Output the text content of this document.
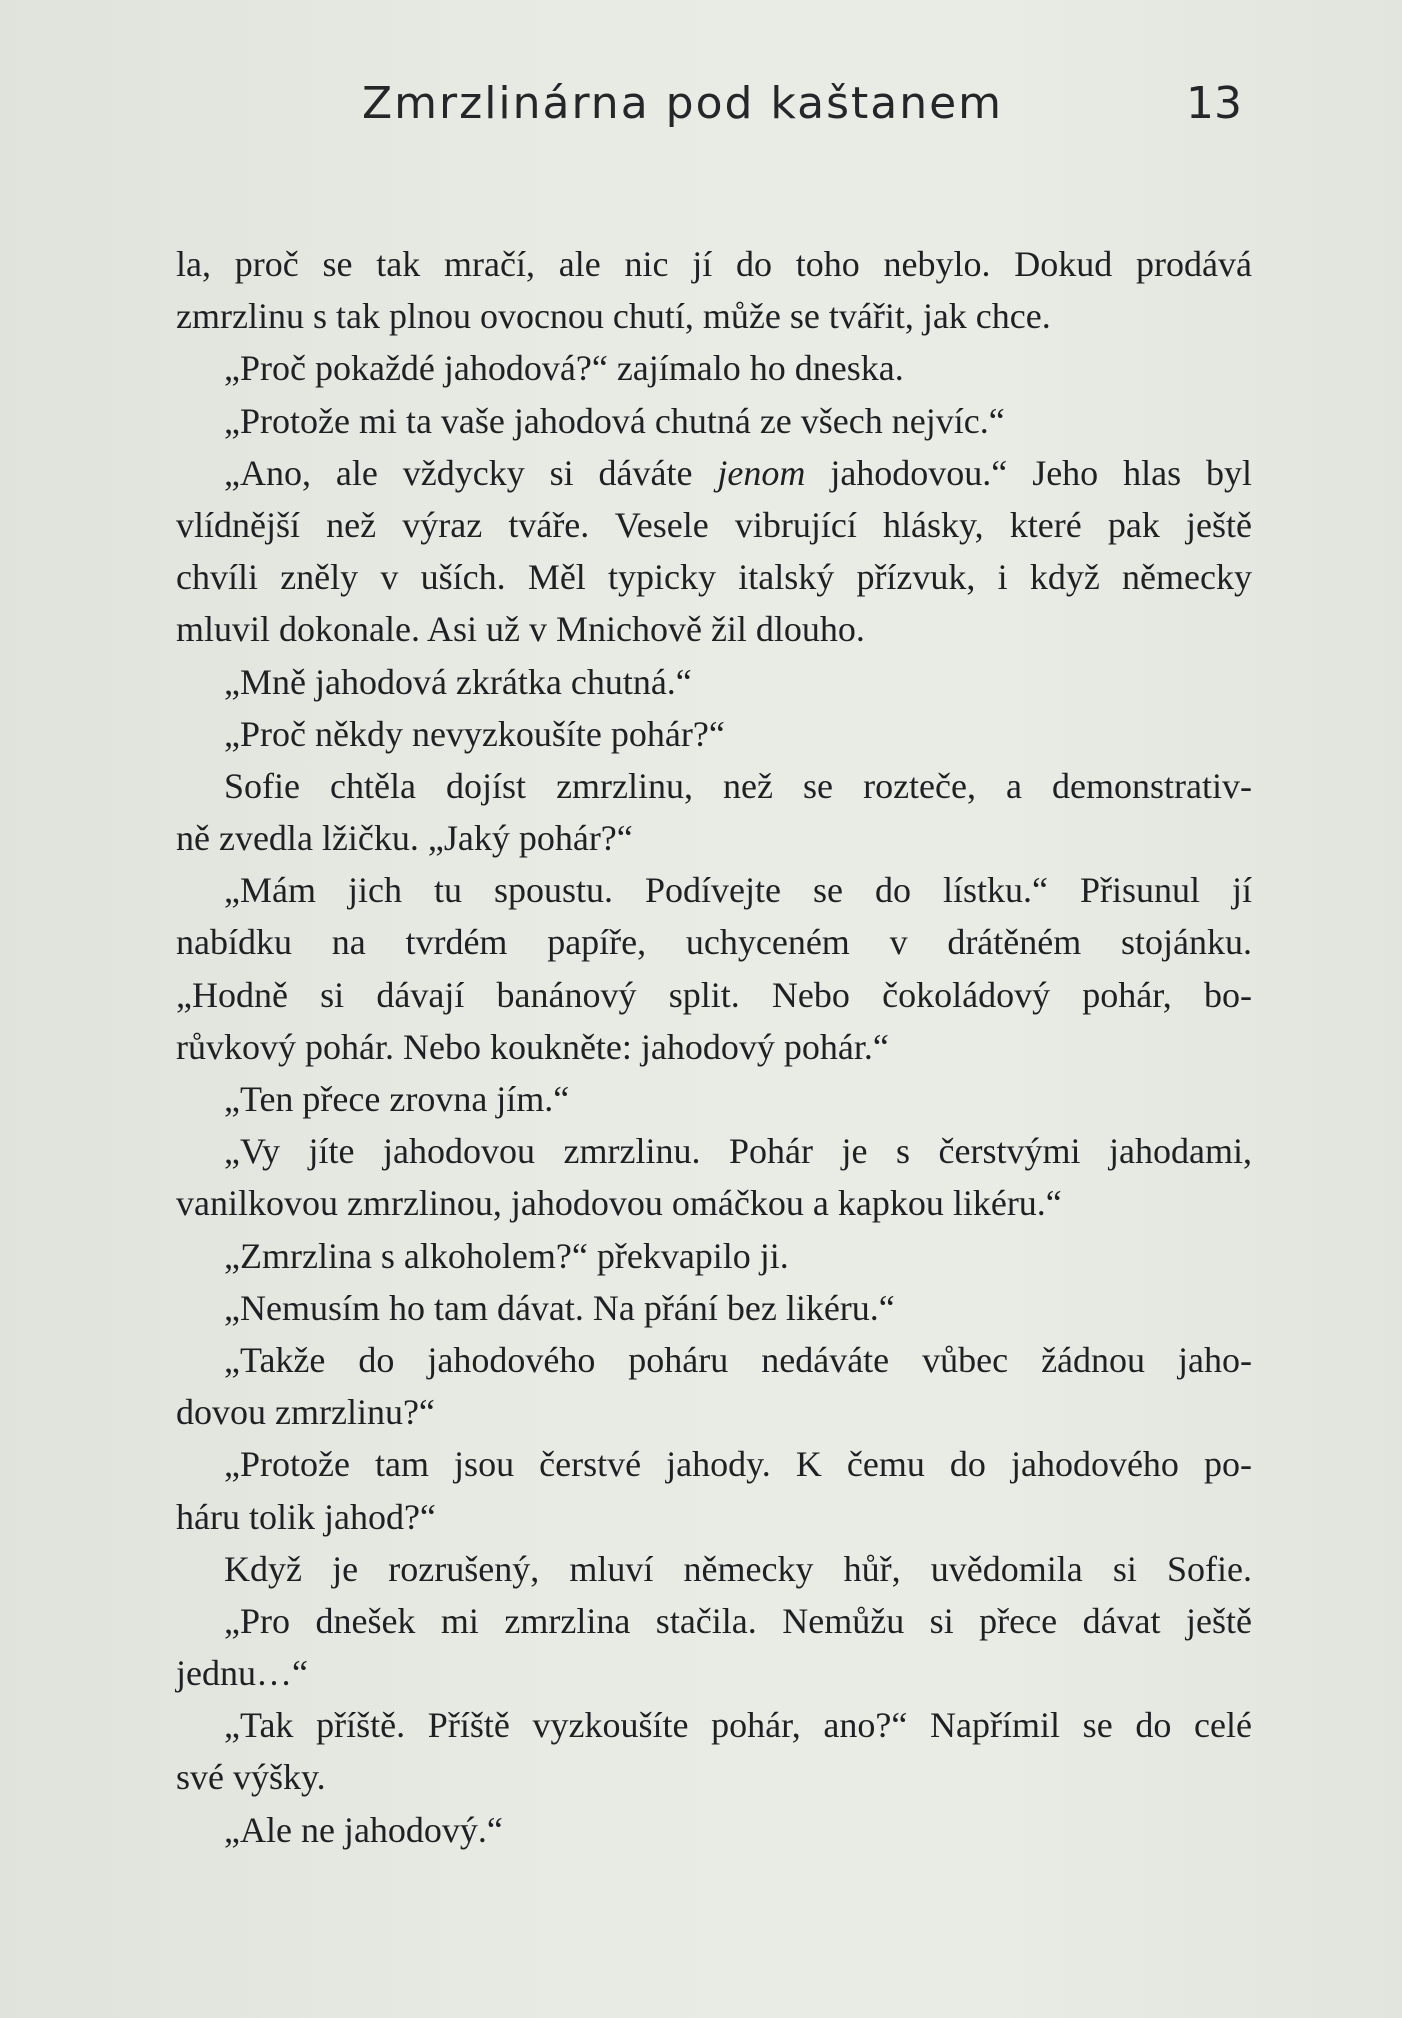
Zmrzlinárna pod kaštanem	13
la, proč se tak mračí, ale nic jí do toho nebylo. Dokud prodává
zmrzlinu s tak plnou ovocnou chutí, může se tvářit, jak chce.
„Proč pokaždé jahodová?“ zajímalo ho dneska.
„Protože mi ta vaše jahodová chutná ze všech nejvíc.“
„Ano, ale vždycky si dáváte jenom jahodovou.“ Jeho hlas byl
vlídnější než výraz tváře. Vesele vibrující hlásky, které pak ještě
chvíli zněly v uších. Měl typicky italský přízvuk, i když německy
mluvil dokonale. Asi už v Mnichově žil dlouho.
„Mně jahodová zkrátka chutná.“
„Proč někdy nevyzkoušíte pohár?“
Sofie chtěla dojíst zmrzlinu, než se rozteče, a demonstrativ-
ně zvedla lžičku. „Jaký pohár?“
„Mám jich tu spoustu. Podívejte se do lístku.“ Přisunul jí
nabídku na tvrdém papíře, uchyceném v drátěném stojánku.
„Hodně si dávají banánový split. Nebo čokoládový pohár, bo-
růvkový pohár. Nebo koukněte: jahodový pohár.“
„Ten přece zrovna jím.“
„Vy jíte jahodovou zmrzlinu. Pohár je s čerstvými jahodami,
vanilkovou zmrzlinou, jahodovou omáčkou a kapkou likéru.“
„Zmrzlina s alkoholem?“ překvapilo ji.
„Nemusím ho tam dávat. Na přání bez likéru.“
„Takže do jahodového poháru nedáváte vůbec žádnou jaho-
dovou zmrzlinu?“
„Protože tam jsou čerstvé jahody. K čemu do jahodového po-
háru tolik jahod?“
Když je rozrušený, mluví německy hůř, uvědomila si Sofie.
„Pro dnešek mi zmrzlina stačila. Nemůžu si přece dávat ještě
jednu…“
„Tak příště. Příště vyzkoušíte pohár, ano?“ Napřímil se do celé
své výšky.
„Ale ne jahodový.“
